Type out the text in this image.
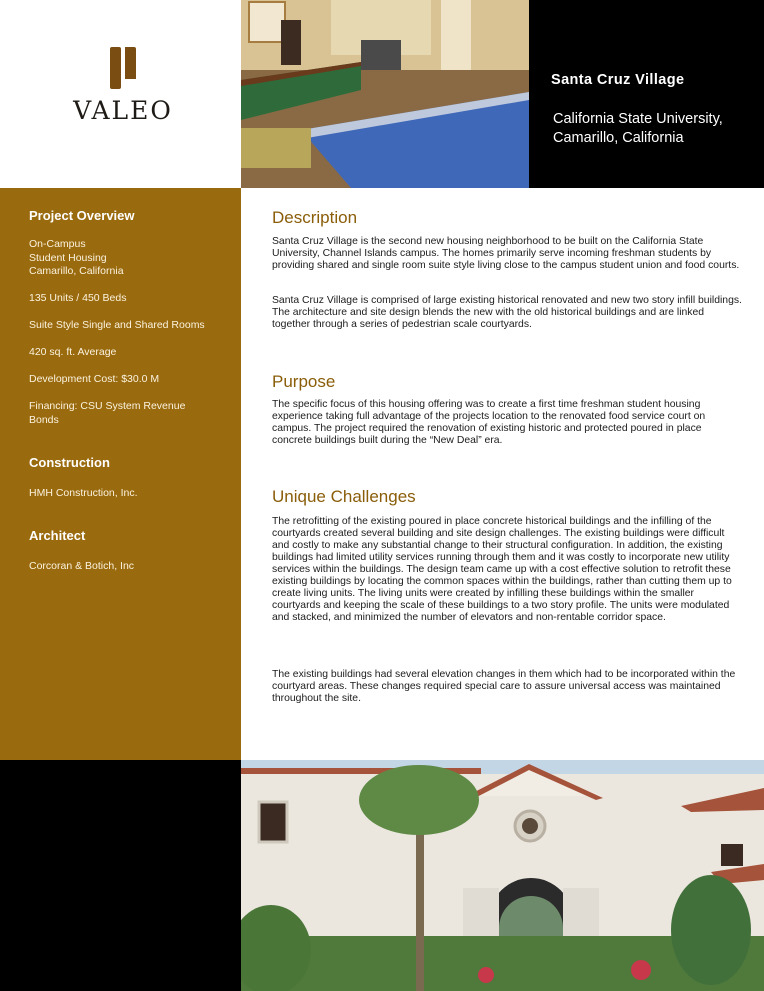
VALEO
Santa Cruz Village
California State University, Camarillo, California
Project Overview
On-Campus
Student Housing
Camarillo, California
135 Units / 450 Beds
Suite Style Single and Shared Rooms
420 sq. ft. Average
Development Cost: $30.0 M
Financing: CSU System Revenue Bonds
Construction
HMH Construction, Inc.
Architect
Corcoran & Botich, Inc
Description

Santa Cruz Village is the second new housing neighborhood to be built on the California State University, Channel Islands campus. The homes primarily serve incoming freshman students by providing shared and single room suite style living close to the campus student union and food courts.

Santa Cruz Village is comprised of large existing historical renovated and new two story infill buildings. The architecture and site design blends the new with the old historical buildings and are linked together through a series of pedestrian scale courtyards.

Purpose

The specific focus of this housing offering was to create a first time freshman student housing experience taking full advantage of the projects location to the renovated food service court on campus. The project required the renovation of existing historic and protected poured in place concrete buildings built during the “New Deal” era.

Unique Challenges

The retrofitting of the existing poured in place concrete historical buildings and the infilling of the courtyards created several building and site design challenges. The existing buildings were difficult and costly to make any substantial change to their structural configuration. In addition, the existing buildings had limited utility services running through them and it was costly to incorporate new utility services within the buildings. The design team came up with a cost effective solution to retrofit these existing buildings by locating the common spaces within the buildings, rather than cutting them up to create living units. The living units were created by infilling these buildings within the smaller courtyards and keeping the scale of these buildings to a two story profile. The units were modulated and stacked, and minimized the number of elevators and non-rentable corridor space.

The existing buildings had several elevation changes in them which had to be incorporated within the courtyard areas. These changes required special care to assure universal access was maintained throughout the site.
